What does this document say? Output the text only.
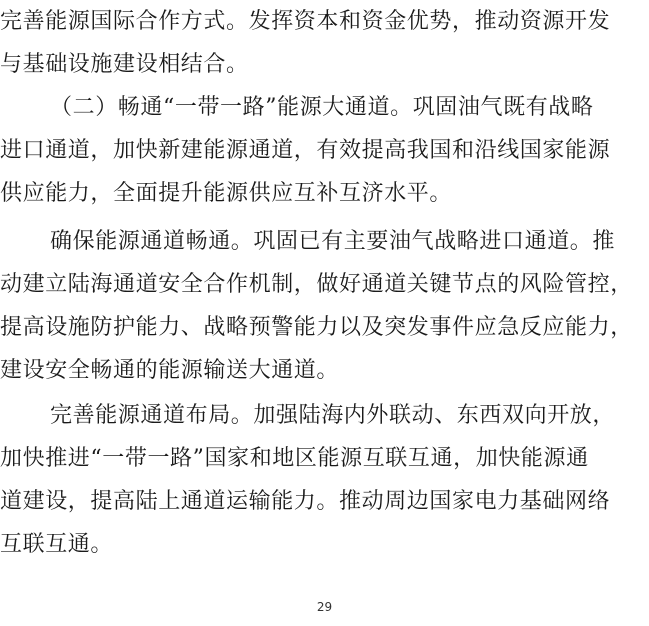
完善能源国际合作方式。发挥资本和资金优势，推动资源开发
与基础设施建设相结合。
（二）畅通“一带一路”能源大通道。巩固油气既有战略
进口通道，加快新建能源通道，有效提高我国和沿线国家能源
供应能力，全面提升能源供应互补互济水平。
确保能源通道畅通。巩固已有主要油气战略进口通道。推
动建立陆海通道安全合作机制，做好通道关键节点的风险管控，
提高设施防护能力、战略预警能力以及突发事件应急反应能力，
建设安全畅通的能源输送大通道。
完善能源通道布局。加强陆海内外联动、东西双向开放，
加快推进“一带一路”国家和地区能源互联互通，加快能源通
道建设，提高陆上通道运输能力。推动周边国家电力基础网络
互联互通。
29
